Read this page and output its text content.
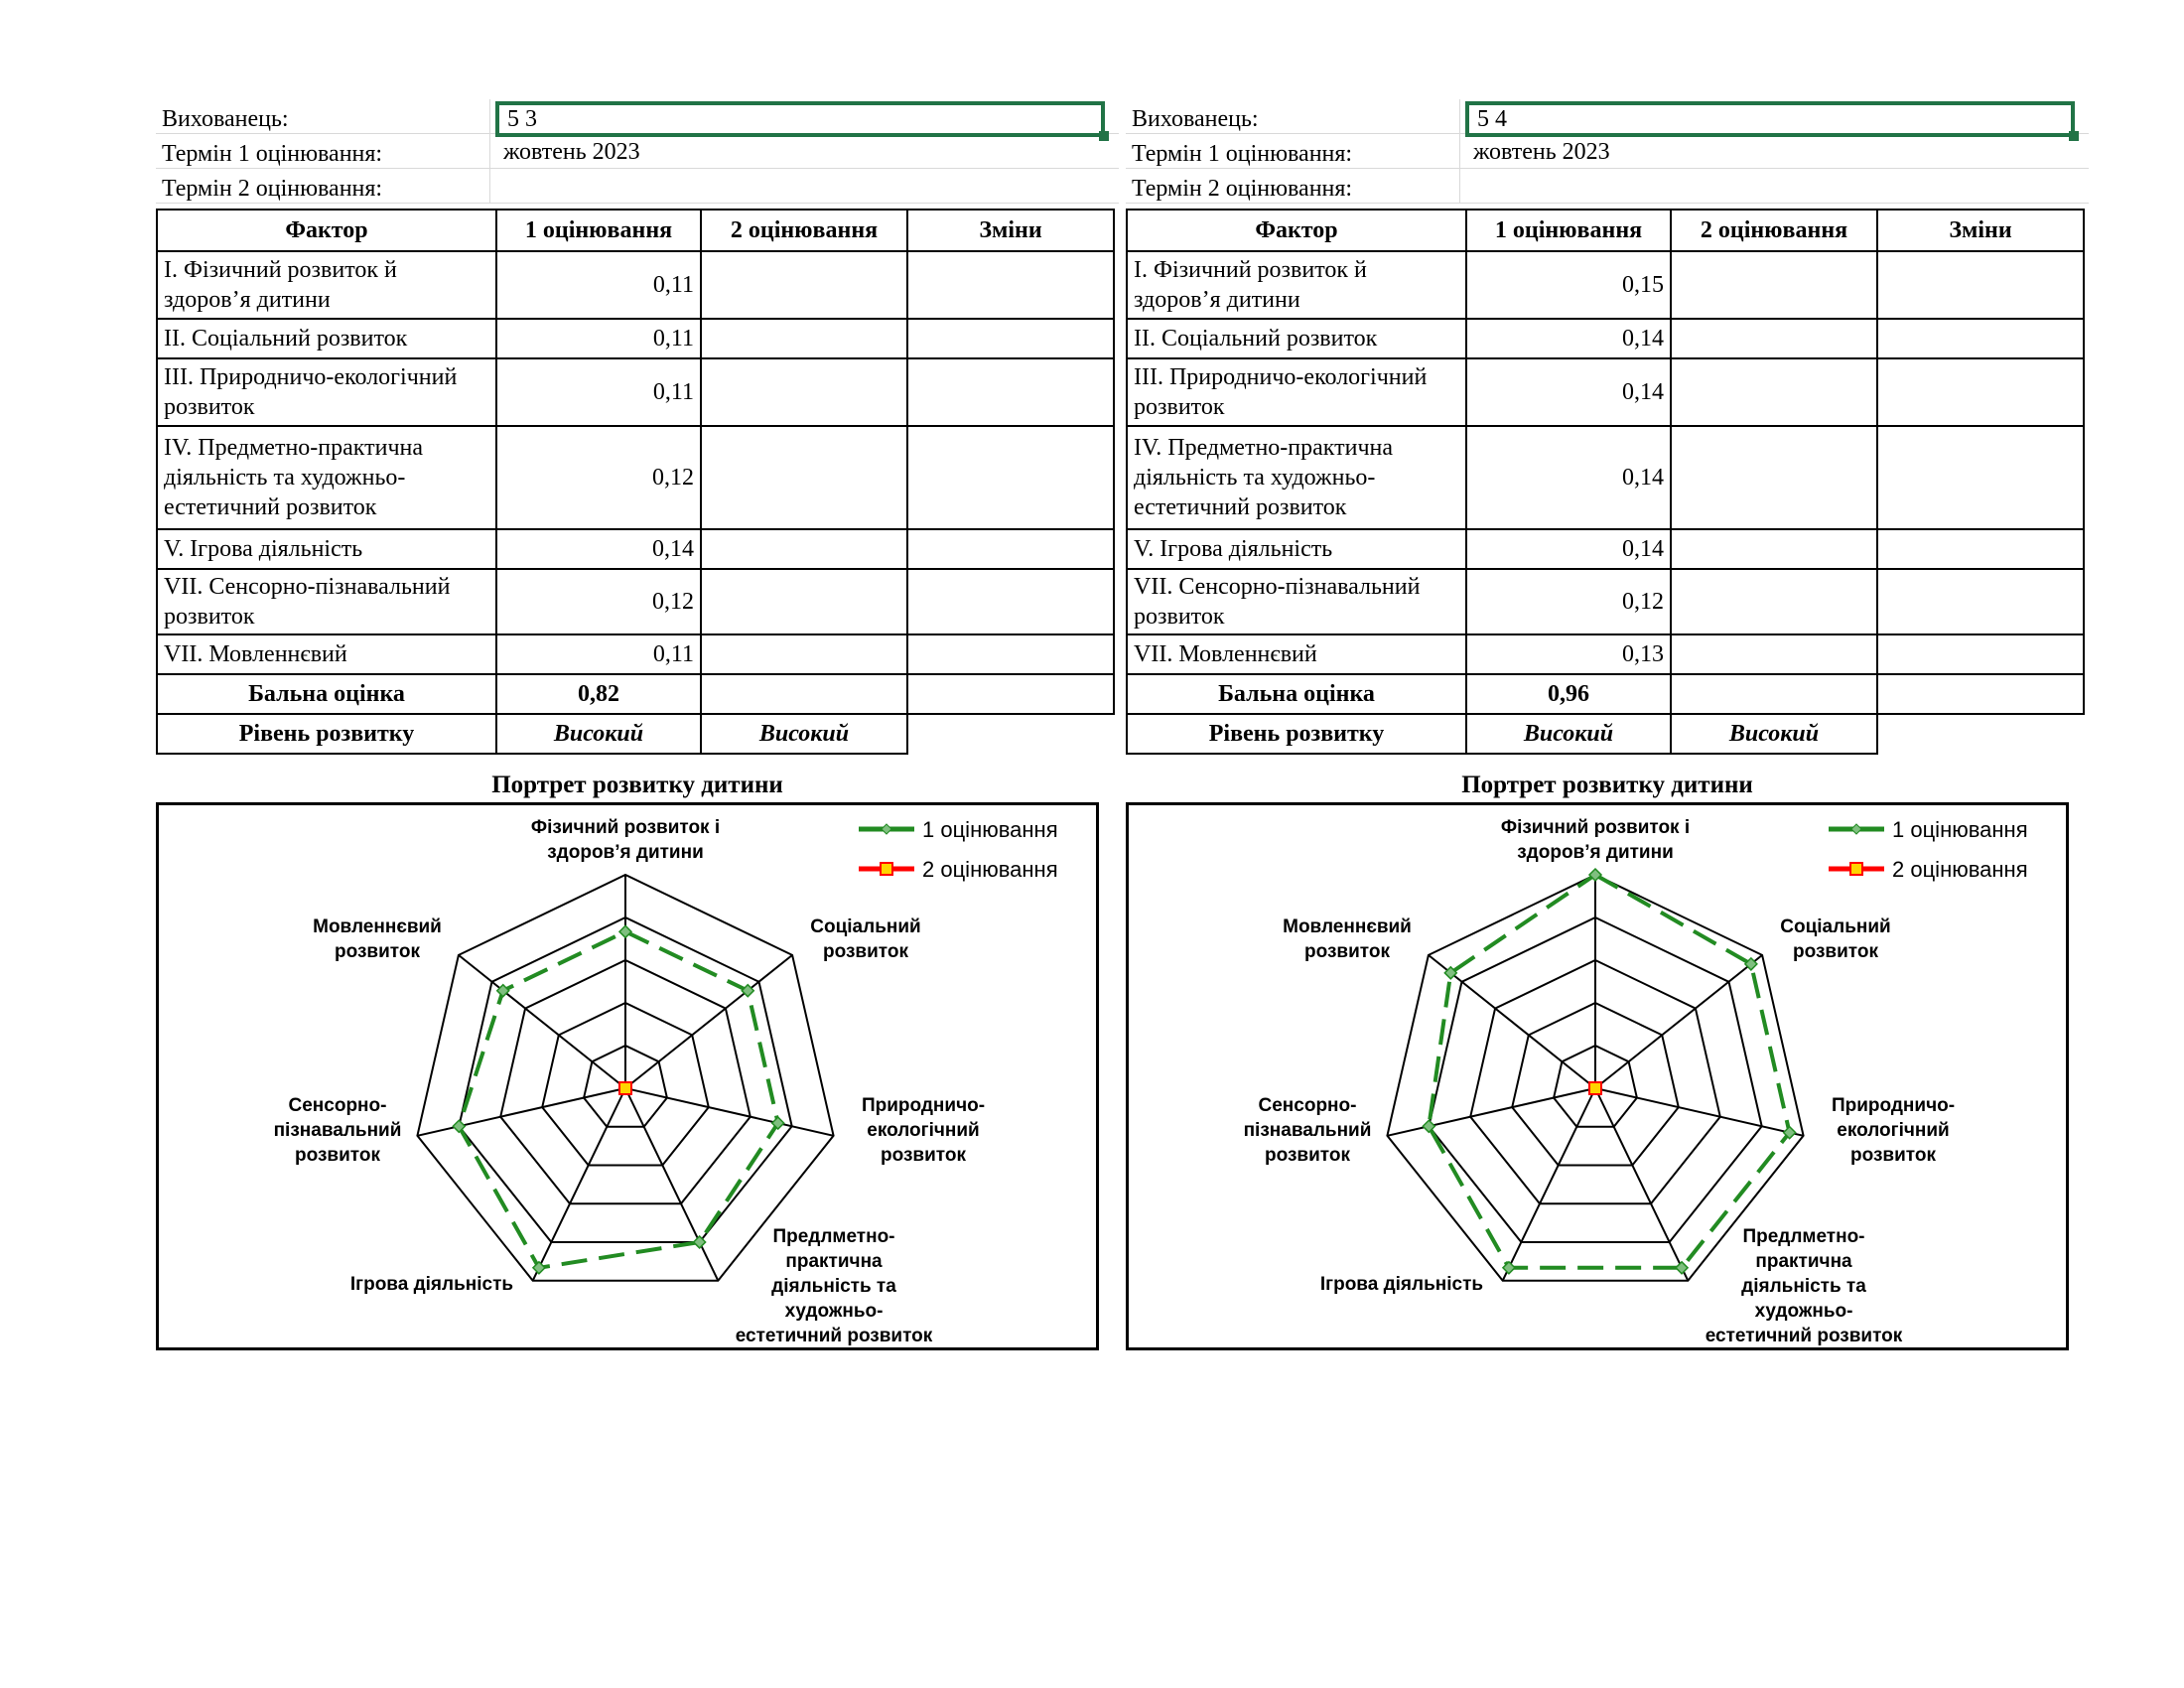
Вихованець:	5 3
Термін 1 оцінювання:	жовтень 2023
Термін 2 оцінювання:
Фактор	1 оцінювання	2 оцінювання	Зміни
I. Фізичний розвиток й здоров’я дитини	0,11		
II. Соціальний розвиток	0,11		
III. Природничо-екологічний розвиток	0,11		
IV. Предметно-практична діяльність та художньо-естетичний розвиток	0,12		
V. Ігрова діяльність	0,14		
VII. Сенсорно-пізнавальний розвиток	0,12		
VII. Мовленнєвий	0,11		
Бальна оцінка	0,82		
Рівень розвитку	Високий	Високий	
Портрет розвитку дитини
Фізичний розвиток і здоров’я дитини
Соціальний розвиток
Природничо-екологічний розвиток
Предлметно-практична діяльність та художньо-естетичний розвиток
Ігрова діяльність
Сенсорно-пізнавальний розвиток
Мовленнєвий розвиток
1 оцінювання
2 оцінювання
Вихованець:	5 4
Термін 1 оцінювання:	жовтень 2023
Термін 2 оцінювання:
Фактор	1 оцінювання	2 оцінювання	Зміни
I. Фізичний розвиток й здоров’я дитини	0,15		
II. Соціальний розвиток	0,14		
III. Природничо-екологічний розвиток	0,14		
IV. Предметно-практична діяльність та художньо-естетичний розвиток	0,14		
V. Ігрова діяльність	0,14		
VII. Сенсорно-пізнавальний розвиток	0,12		
VII. Мовленнєвий	0,13		
Бальна оцінка	0,96		
Рівень розвитку	Високий	Високий	
Портрет розвитку дитини
Фізичний розвиток і здоров’я дитини
Соціальний розвиток
Природничо-екологічний розвиток
Предлметно-практична діяльність та художньо-естетичний розвиток
Ігрова діяльність
Сенсорно-пізнавальний розвиток
Мовленнєвий розвиток
1 оцінювання
2 оцінювання
